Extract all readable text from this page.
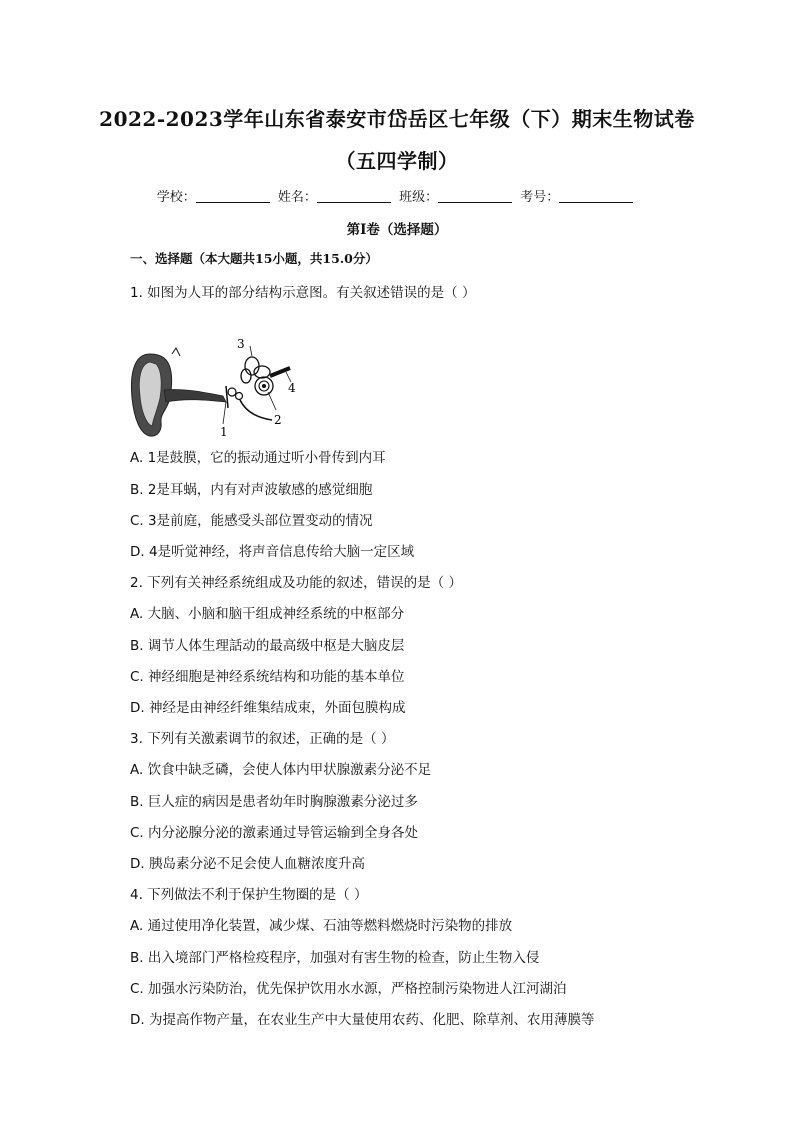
2022-2023学年山东省泰安市岱岳区七年级（下）期末生物试卷
（五四学制）
学校：	姓名：	班级：	考号：
第I卷（选择题）
一、选择题（本大题共15小题，共15.0分）
1. 如图为人耳的部分结构示意图。有关叙述错误的是（ ）
1
2
3
4
A. 1是鼓膜，它的振动通过听小骨传到内耳
B. 2是耳蜗，内有对声波敏感的感觉细胞
C. 3是前庭，能感受头部位置变动的情况
D. 4是听觉神经，将声音信息传给大脑一定区域
2. 下列有关神经系统组成及功能的叙述，错误的是（ ）
A. 大脑、小脑和脑干组成神经系统的中枢部分
B. 调节人体生理話动的最高级中枢是大脑皮层
C. 神经细胞是神经系统结构和功能的基本单位
D. 神经是由神经纤维集结成束，外面包膜构成
3. 下列有关激素调节的叙述，正确的是（ ）
A. 饮食中缺乏磷，会使人体内甲状腺激素分泌不足
B. 巨人症的病因是患者幼年时胸腺激素分泌过多
C. 内分泌腺分泌的激素通过导管运输到全身各处
D. 胰岛素分泌不足会使人血糖浓度升高
4. 下列做法不利于保护生物圈的是（ ）
A. 通过使用净化装置，减少煤、石油等燃料燃烧时污染物的排放
B. 出入境部门严格检疫程序，加强对有害生物的检查，防止生物入侵
C. 加强水污染防治，优先保护饮用水水源，严格控制污染物进人江河湖泊
D. 为提高作物产量，在农业生产中大量使用农药、化肥、除草剂、农用薄膜等
